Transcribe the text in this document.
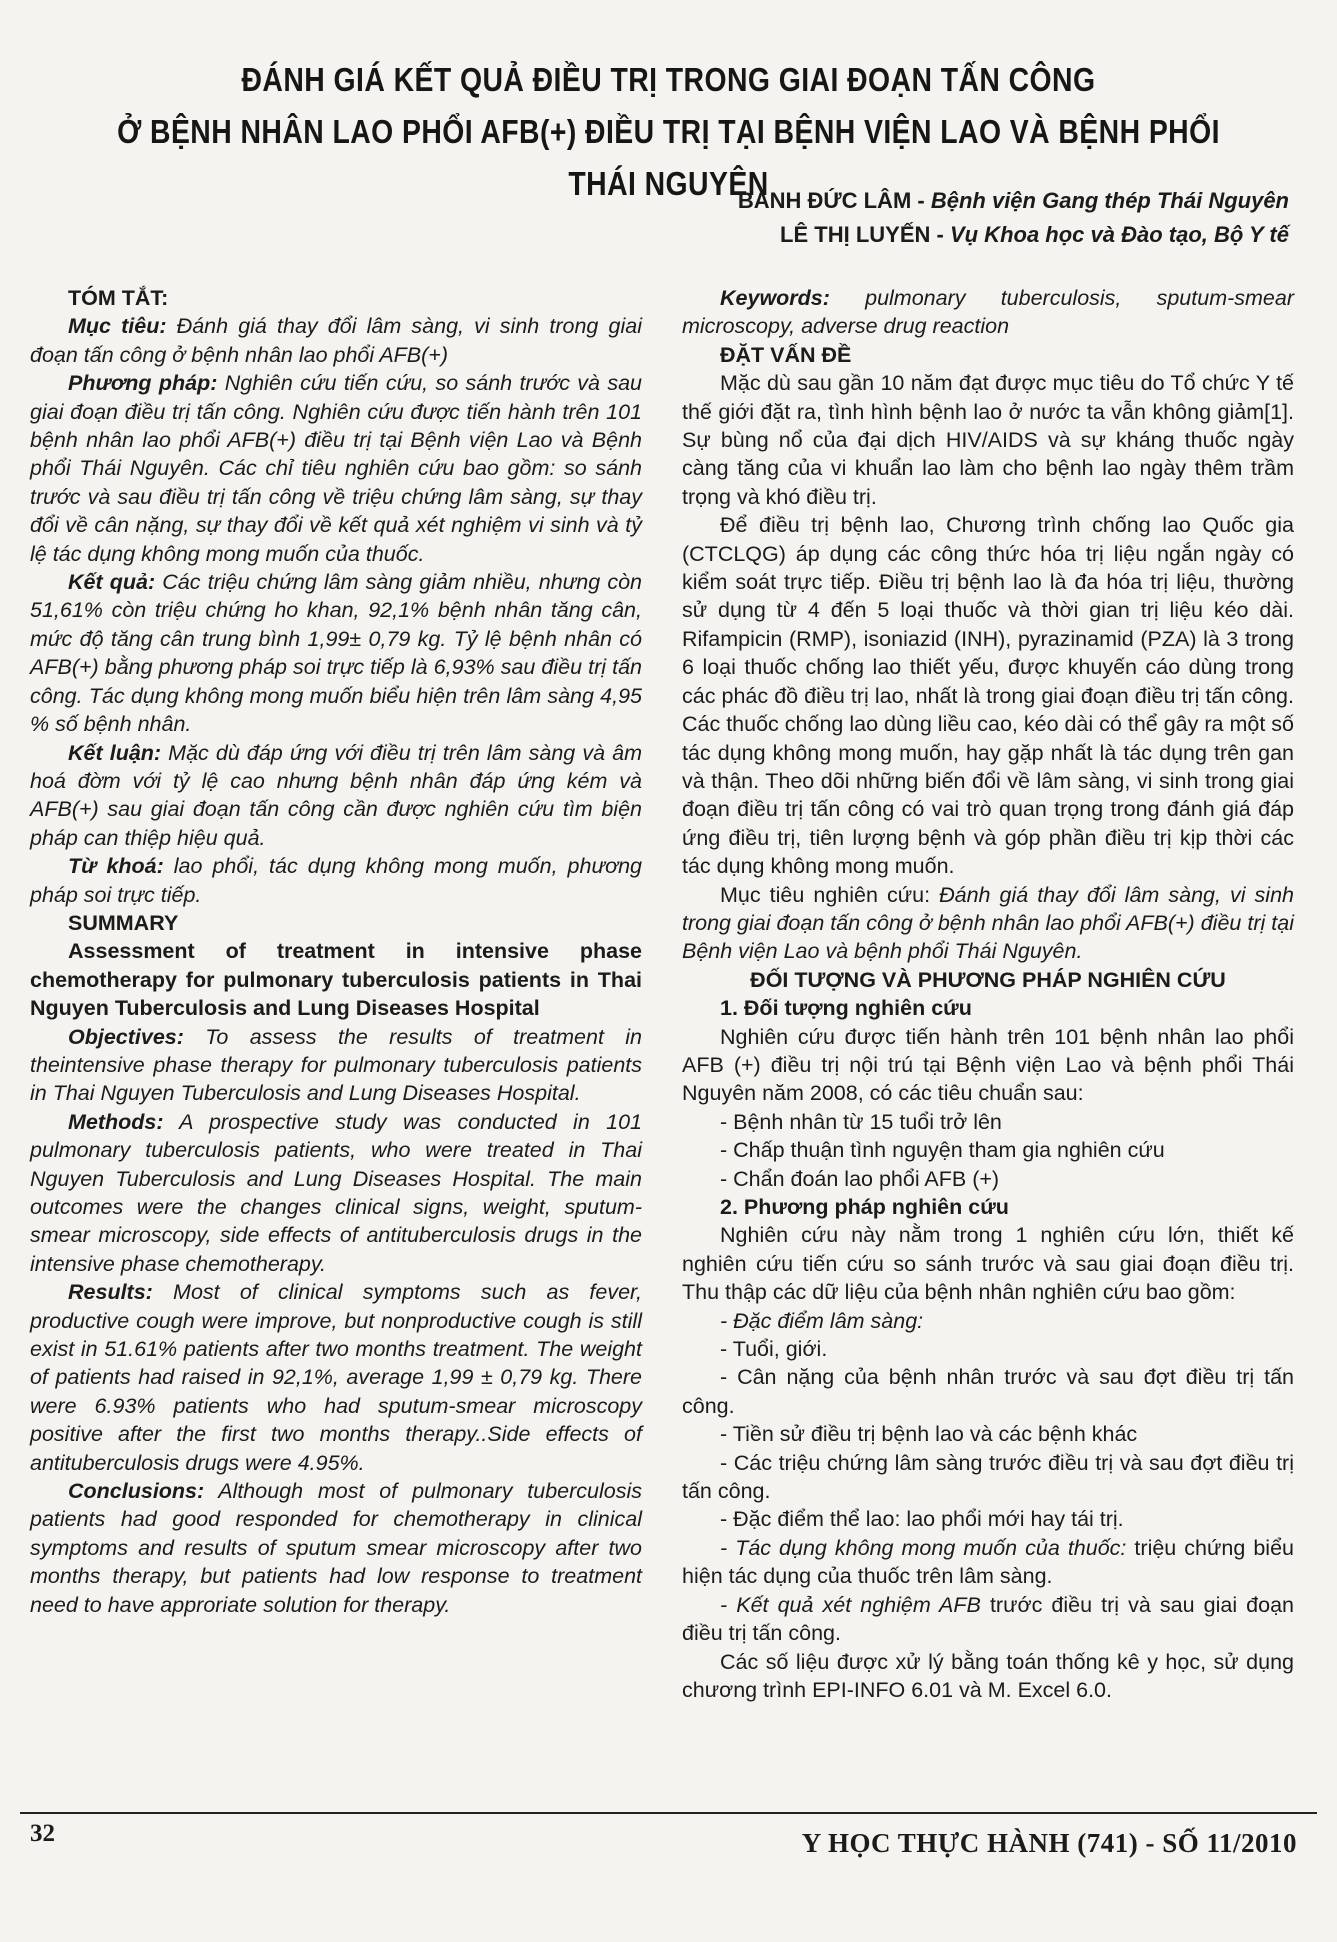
ĐÁNH GIÁ KẾT QUẢ ĐIỀU TRỊ TRONG GIAI ĐOẠN TẤN CÔNG
Ở BỆNH NHÂN LAO PHỔI AFB(+) ĐIỀU TRỊ TẠI BỆNH VIỆN LAO VÀ BỆNH PHỔI THÁI NGUYÊN
BÀNH ĐỨC LÂM - Bệnh viện Gang thép Thái Nguyên
LÊ THỊ LUYẾN - Vụ Khoa học và Đào tạo, Bộ Y tế

TÓM TẮT:

Mục tiêu: Đánh giá thay đổi lâm sàng, vi sinh trong giai đoạn tấn công ở bệnh nhân lao phổi AFB(+)

Phương pháp: Nghiên cứu tiến cứu, so sánh trước và sau giai đoạn điều trị tấn công. Nghiên cứu được tiến hành trên 101 bệnh nhân lao phổi AFB(+) điều trị tại Bệnh viện Lao và Bệnh phổi Thái Nguyên. Các chỉ tiêu nghiên cứu bao gồm: so sánh trước và sau điều trị tấn công về triệu chứng lâm sàng, sự thay đổi về cân nặng, sự thay đổi về kết quả xét nghiệm vi sinh và tỷ lệ tác dụng không mong muốn của thuốc.

Kết quả: Các triệu chứng lâm sàng giảm nhiều, nhưng còn 51,61% còn triệu chứng ho khan, 92,1% bệnh nhân tăng cân, mức độ tăng cân trung bình 1,99± 0,79 kg. Tỷ lệ bệnh nhân có AFB(+) bằng phương pháp soi trực tiếp là 6,93% sau điều trị tấn công. Tác dụng không mong muốn biểu hiện trên lâm sàng 4,95 % số bệnh nhân.

Kết luận: Mặc dù đáp ứng với điều trị trên lâm sàng và âm hoá đờm với tỷ lệ cao nhưng bệnh nhân đáp ứng kém và AFB(+) sau giai đoạn tấn công cần được nghiên cứu tìm biện pháp can thiệp hiệu quả.

Từ khoá: lao phổi, tác dụng không mong muốn, phương pháp soi trực tiếp.

SUMMARY

Assessment of treatment in intensive phase chemotherapy for pulmonary tuberculosis patients in Thai Nguyen Tuberculosis and Lung Diseases Hospital

Objectives: To assess the results of treatment in theintensive phase therapy for pulmonary tuberculosis patients in Thai Nguyen Tuberculosis and Lung Diseases Hospital.

Methods: A prospective study was conducted in 101 pulmonary tuberculosis patients, who were treated in Thai Nguyen Tuberculosis and Lung Diseases Hospital. The main outcomes were the changes clinical signs, weight, sputum-smear microscopy, side effects of antituberculosis drugs in the intensive phase chemotherapy.

Results: Most of clinical symptoms such as fever, productive cough were improve, but nonproductive cough is still exist in 51.61% patients after two months treatment. The weight of patients had raised in 92,1%, average 1,99 ± 0,79 kg. There were 6.93% patients who had sputum-smear microscopy positive after the first two months therapy..Side effects of antituberculosis drugs were 4.95%.

Conclusions: Although most of pulmonary tuberculosis patients had good responded for chemotherapy in clinical symptoms and results of sputum smear microscopy after two months therapy, but patients had low response to treatment need to have approriate solution for therapy.

Keywords: pulmonary tuberculosis, sputum-smear microscopy, adverse drug reaction

ĐẶT VẤN ĐỀ

Mặc dù sau gần 10 năm đạt được mục tiêu do Tổ chức Y tế thế giới đặt ra, tình hình bệnh lao ở nước ta vẫn không giảm[1]. Sự bùng nổ của đại dịch HIV/AIDS và sự kháng thuốc ngày càng tăng của vi khuẩn lao làm cho bệnh lao ngày thêm trầm trọng và khó điều trị.

Để điều trị bệnh lao, Chương trình chống lao Quốc gia (CTCLQG) áp dụng các công thức hóa trị liệu ngắn ngày có kiểm soát trực tiếp. Điều trị bệnh lao là đa hóa trị liệu, thường sử dụng từ 4 đến 5 loại thuốc và thời gian trị liệu kéo dài. Rifampicin (RMP), isoniazid (INH), pyrazinamid (PZA) là 3 trong 6 loại thuốc chống lao thiết yếu, được khuyến cáo dùng trong các phác đồ điều trị lao, nhất là trong giai đoạn điều trị tấn công. Các thuốc chống lao dùng liều cao, kéo dài có thể gây ra một số tác dụng không mong muốn, hay gặp nhất là tác dụng trên gan và thận. Theo dõi những biến đổi về lâm sàng, vi sinh trong giai đoạn điều trị tấn công có vai trò quan trọng trong đánh giá đáp ứng điều trị, tiên lượng bệnh và góp phần điều trị kịp thời các tác dụng không mong muốn.

Mục tiêu nghiên cứu: Đánh giá thay đổi lâm sàng, vi sinh trong giai đoạn tấn công ở bệnh nhân lao phổi AFB(+) điều trị tại Bệnh viện Lao và bệnh phổi Thái Nguyên.

ĐỐI TƯỢNG VÀ PHƯƠNG PHÁP NGHIÊN CỨU

1. Đối tượng nghiên cứu

Nghiên cứu được tiến hành trên 101 bệnh nhân lao phổi AFB (+) điều trị nội trú tại Bệnh viện Lao và bệnh phổi Thái Nguyên năm 2008, có các tiêu chuẩn sau:

- Bệnh nhân từ 15 tuổi trở lên

- Chấp thuận tình nguyện tham gia nghiên cứu

- Chẩn đoán lao phổi AFB (+)

2. Phương pháp nghiên cứu

Nghiên cứu này nằm trong 1 nghiên cứu lớn, thiết kế nghiên cứu tiến cứu so sánh trước và sau giai đoạn điều trị. Thu thập các dữ liệu của bệnh nhân nghiên cứu bao gồm:

- Đặc điểm lâm sàng:

- Tuổi, giới.

- Cân nặng của bệnh nhân trước và sau đợt điều trị tấn công.

- Tiền sử điều trị bệnh lao và các bệnh khác

- Các triệu chứng lâm sàng trước điều trị và sau đợt điều trị tấn công.

- Đặc điểm thể lao: lao phổi mới hay tái trị.

- Tác dụng không mong muốn của thuốc: triệu chứng biểu hiện tác dụng của thuốc trên lâm sàng.

- Kết quả xét nghiệm AFB trước điều trị và sau giai đoạn điều trị tấn công.

Các số liệu được xử lý bằng toán thống kê y học, sử dụng chương trình EPI-INFO 6.01 và M. Excel 6.0.

32	Y HỌC THỰC HÀNH (741) - SỐ 11/2010
